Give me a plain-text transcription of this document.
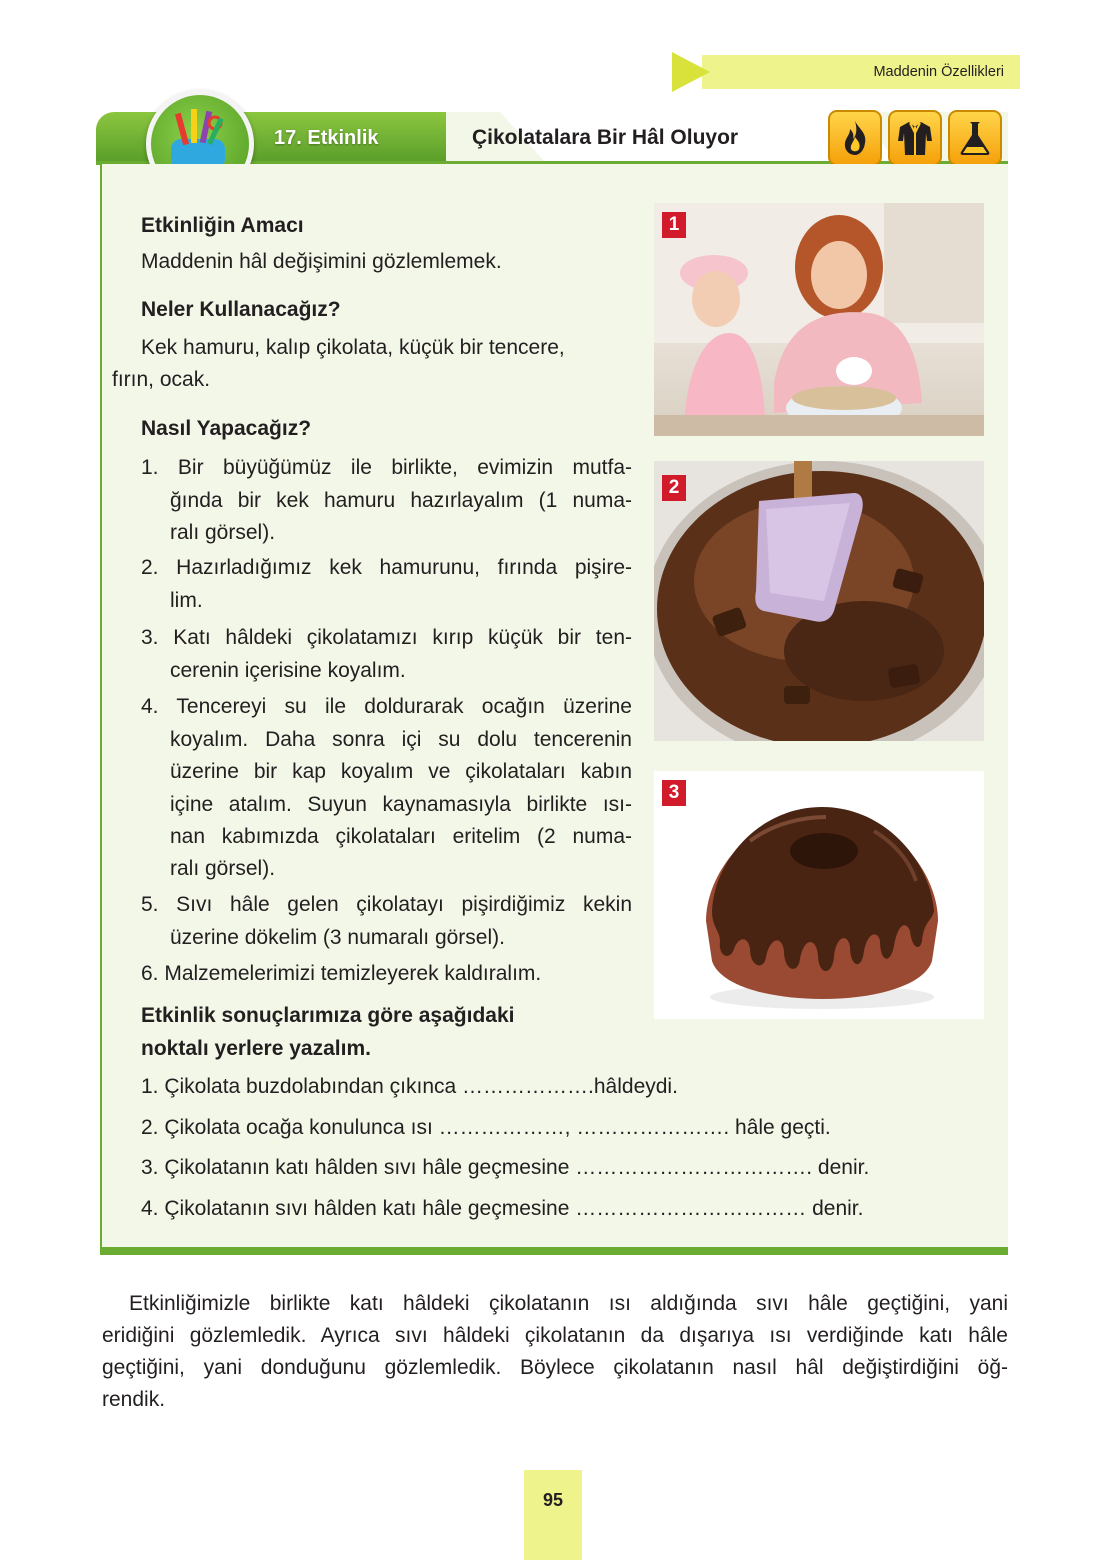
Maddenin Özellikleri
17. Etkinlik	Çikolatalara Bir Hâl Oluyor
Etkinliğin Amacı
Maddenin hâl değişimini gözlemlemek.
Neler Kullanacağız?
Kek hamuru, kalıp çikolata, küçük bir tencere,
fırın, ocak.
Nasıl Yapacağız?
1. Bir büyüğümüz ile birlikte, evimizin mutfa-
ğında bir kek hamuru hazırlayalım (1 numa-
ralı görsel).
2. Hazırladığımız kek hamurunu, fırında pişire-
lim.
3. Katı hâldeki çikolatamızı kırıp küçük bir ten-
cerenin içerisine koyalım.
4. Tencereyi su ile doldurarak ocağın üzerine
koyalım. Daha sonra içi su dolu tencerenin
üzerine bir kap koyalım ve çikolataları kabın
içine atalım. Suyun kaynamasıyla birlikte ısı-
nan kabımızda çikolataları eritelim (2 numa-
ralı görsel).
5. Sıvı hâle gelen çikolatayı pişirdiğimiz kekin
üzerine dökelim (3 numaralı görsel).
6. Malzemelerimizi temizleyerek kaldıralım.
Etkinlik sonuçlarımıza göre aşağıdaki
noktalı yerlere yazalım.
1. Çikolata buzdolabından çıkınca ……………….hâldeydi.
2. Çikolata ocağa konulunca ısı ………………, …………………. hâle geçti.
3. Çikolatanın katı hâlden sıvı hâle geçmesine ……………………………. denir.
4. Çikolatanın sıvı hâlden katı hâle geçmesine …………………………… denir.
1
2
3
Etkinliğimizle birlikte katı hâldeki çikolatanın ısı aldığında sıvı hâle geçtiğini, yani
eridiğini gözlemledik. Ayrıca sıvı hâldeki çikolatanın da dışarıya ısı verdiğinde katı hâle
geçtiğini, yani donduğunu gözlemledik. Böylece çikolatanın nasıl hâl değiştirdiğini öğ-
rendik.
95
